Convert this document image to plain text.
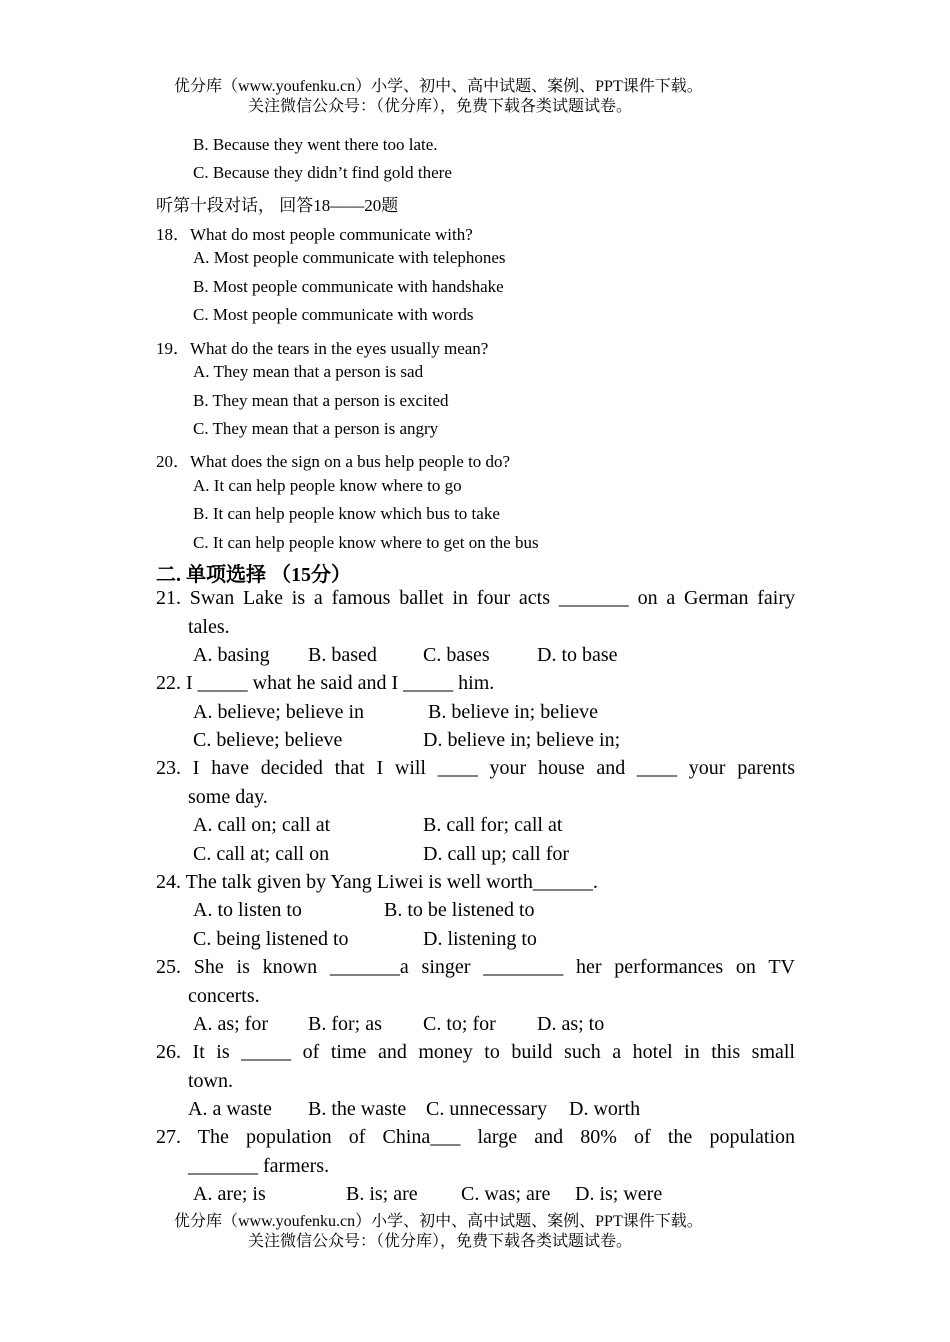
优分库（www.youfenku.cn）小学、初中、高中试题、案例、PPT课件下载。
关注微信公众号：（优分库），免费下载各类试题试卷。
B. Because they went there too late.
C. Because they didn’t find gold there
听第十段对话， 回答18——20题
18．What do most people communicate with?
A. Most people communicate with telephones
B. Most people communicate with handshake
C. Most people communicate with words
19．What do the tears in the eyes usually mean?
A. They mean that a person is sad
B. They mean that a person is excited
C. They mean that a person is angry
20．What does the sign on a bus help people to do?
A. It can help people know where to go
B. It can help people know which bus to take
C. It can help people know where to get on the bus
二. 单项选择 （15分）
21. Swan Lake is a famous ballet in four acts _______ on a German fairy
tales.
A. basing B. based C. bases D. to base
22. I _____ what he said and I _____ him.
A. believe; believe in	B. believe in; believe
C. believe; believe	D. believe in; believe in;
23. I have decided that I will ____ your house and ____ your parents
some day.
A. call on; call at	B. call for; call at
C. call at; call on	D. call up; call for
24. The talk given by Yang Liwei is well worth______.
A. to listen to	B. to be listened to
C. being listened to	D. listening to
25. She is known _______a singer ________ her performances on TV
concerts.
A. as; for B. for; as C. to; for D. as; to
26. It is _____ of time and money to build such a hotel in this small
town.
A. a waste B. the waste C. unnecessary D. worth
27. The population of China___ large and 80% of the population
_______ farmers.
A. are; is	B. is; are C. was; are D. is; were
优分库（www.youfenku.cn）小学、初中、高中试题、案例、PPT课件下载。
关注微信公众号：（优分库），免费下载各类试题试卷。
